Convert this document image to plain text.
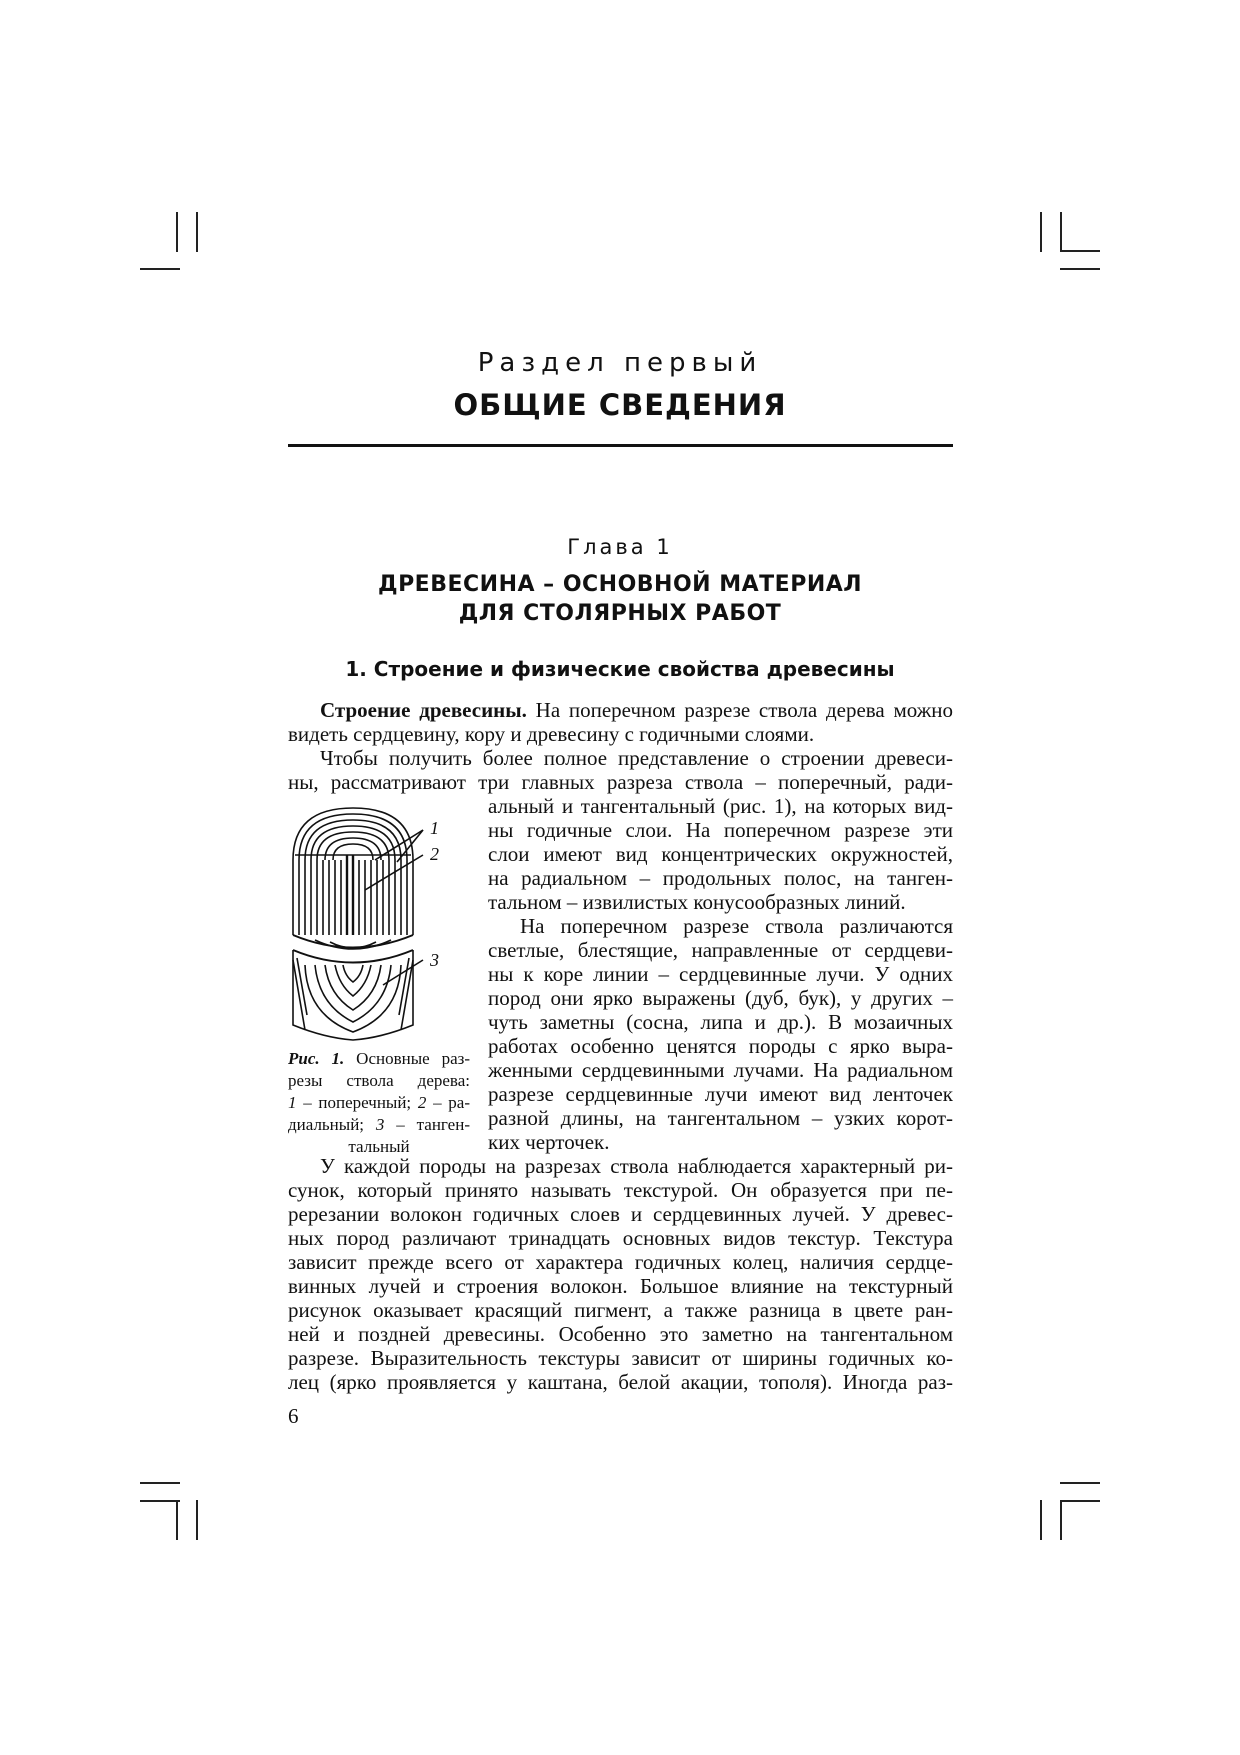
Раздел первый
ОБЩИЕ СВЕДЕНИЯ
Глава 1
ДРЕВЕСИНА – ОСНОВНОЙ МАТЕРИАЛ
ДЛЯ СТОЛЯРНЫХ РАБОТ
1. Строение и физические свойства древесины
Строение древесины. На поперечном разрезе ствола дерева можно
видеть сердцевину, кору и древесину с годичными слоями.
Чтобы получить более полное представление о строении древеси-
ны, рассматривают три главных разреза ствола – поперечный, ради-
альный и тангентальный (рис. 1), на которых вид-
ны годичные слои. На поперечном разрезе эти
слои имеют вид концентрических окружностей,
на радиальном – продольных полос, на танген-
тальном – извилистых конусообразных линий.
На поперечном разрезе ствола различаются
светлые, блестящие, направленные от сердцеви-
ны к коре линии – сердцевинные лучи. У одних
пород они ярко выражены (дуб, бук), у других –
чуть заметны (сосна, липа и др.). В мозаичных
работах особенно ценятся породы с ярко выра-
женными сердцевинными лучами. На радиальном
разрезе сердцевинные лучи имеют вид ленточек
разной длины, на тангентальном – узких корот-
ких черточек.
У каждой породы на разрезах ствола наблюдается характерный ри-
сунок, который принято называть текстурой. Он образуется при пе-
ререзании волокон годичных слоев и сердцевинных лучей. У древес-
ных пород различают тринадцать основных видов текстур. Текстура
зависит прежде всего от характера годичных колец, наличия сердце-
винных лучей и строения волокон. Большое влияние на текстурный
рисунок оказывает красящий пигмент, а также разница в цвете ран-
ней и поздней древесины. Особенно это заметно на тангентальном
разрезе. Выразительность текстуры зависит от ширины годичных ко-
лец (ярко проявляется у каштана, белой акации, тополя). Иногда раз-
1
2
3
Рис. 1. Основные раз-
резы ствола дерева:
1 – поперечный; 2 – ра-
диальный; 3 – танген-
тальный
6
